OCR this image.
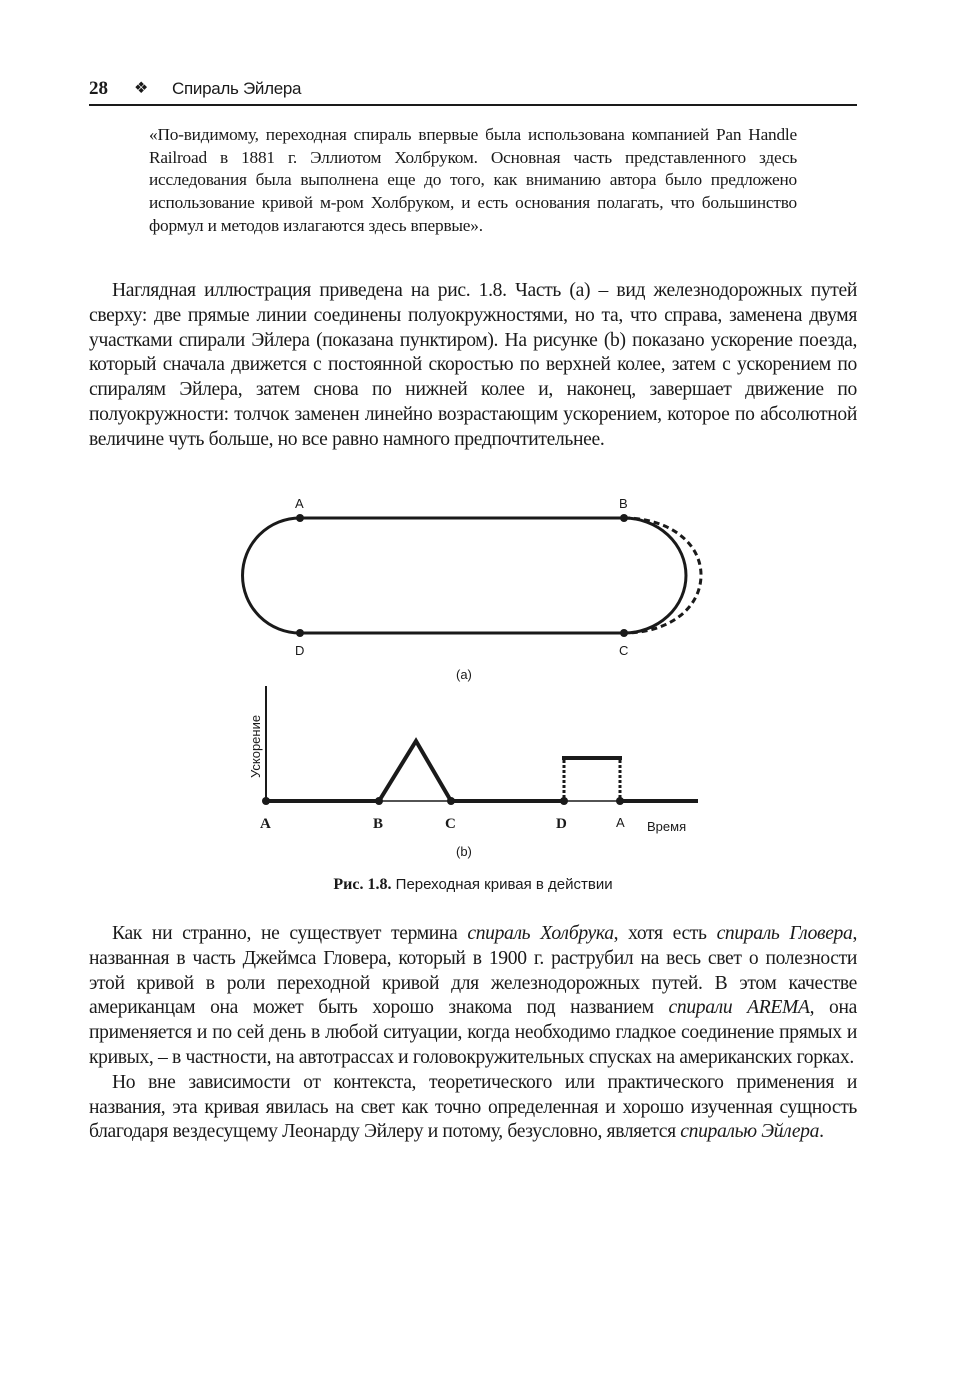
28 ❖ Спираль Эйлера
«По-видимому, переходная спираль впервые была использована компанией Pan Handle Railroad в 1881 г. Эллиотом Холбруком. Основная часть представленного здесь исследования была выполнена еще до того, как вниманию автора было предложено использование кривой м-ром Холбруком, и есть основания полагать, что большинство формул и методов излагаются здесь впервые».

Наглядная иллюстрация приведена на рис. 1.8. Часть (a) – вид железнодорожных путей сверху: две прямые линии соединены полуокружностями, но та, что справа, заменена двумя участками спирали Эйлера (показана пунктиром). На рисунке (b) показано ускорение поезда, который сначала движется с постоянной скоростью по верхней колее, затем с ускорением по спиралям Эйлера, затем снова по нижней колее и, наконец, завершает движение по полуокружности: толчок заменен линейно возрастающим ускорением, которое по абсолютной величине чуть больше, но все равно намного предпочтительнее.

A	B
C
D
(a)
Ускорение
A	B	C	D	A Время
(b)
Рис. 1.8. Переходная кривая в действии

Как ни странно, не существует термина спираль Холбрука, хотя есть спираль Гловера, названная в часть Джеймса Гловера, который в 1900 г. раструбил на весь свет о полезности этой кривой в роли переходной кривой для железнодорожных путей. В этом качестве американцам она может быть хорошо знакома под названием спирали AREMA, она применяется и по сей день в любой ситуации, когда необходимо гладкое соединение прямых и кривых, – в частности, на автотрассах и головокружительных спусках на американских горках.

Но вне зависимости от контекста, теоретического или практического применения и названия, эта кривая явилась на свет как точно определенная и хорошо изученная сущность благодаря вездесущему Леонарду Эйлеру и потому, безусловно, является спиралью Эйлера.
